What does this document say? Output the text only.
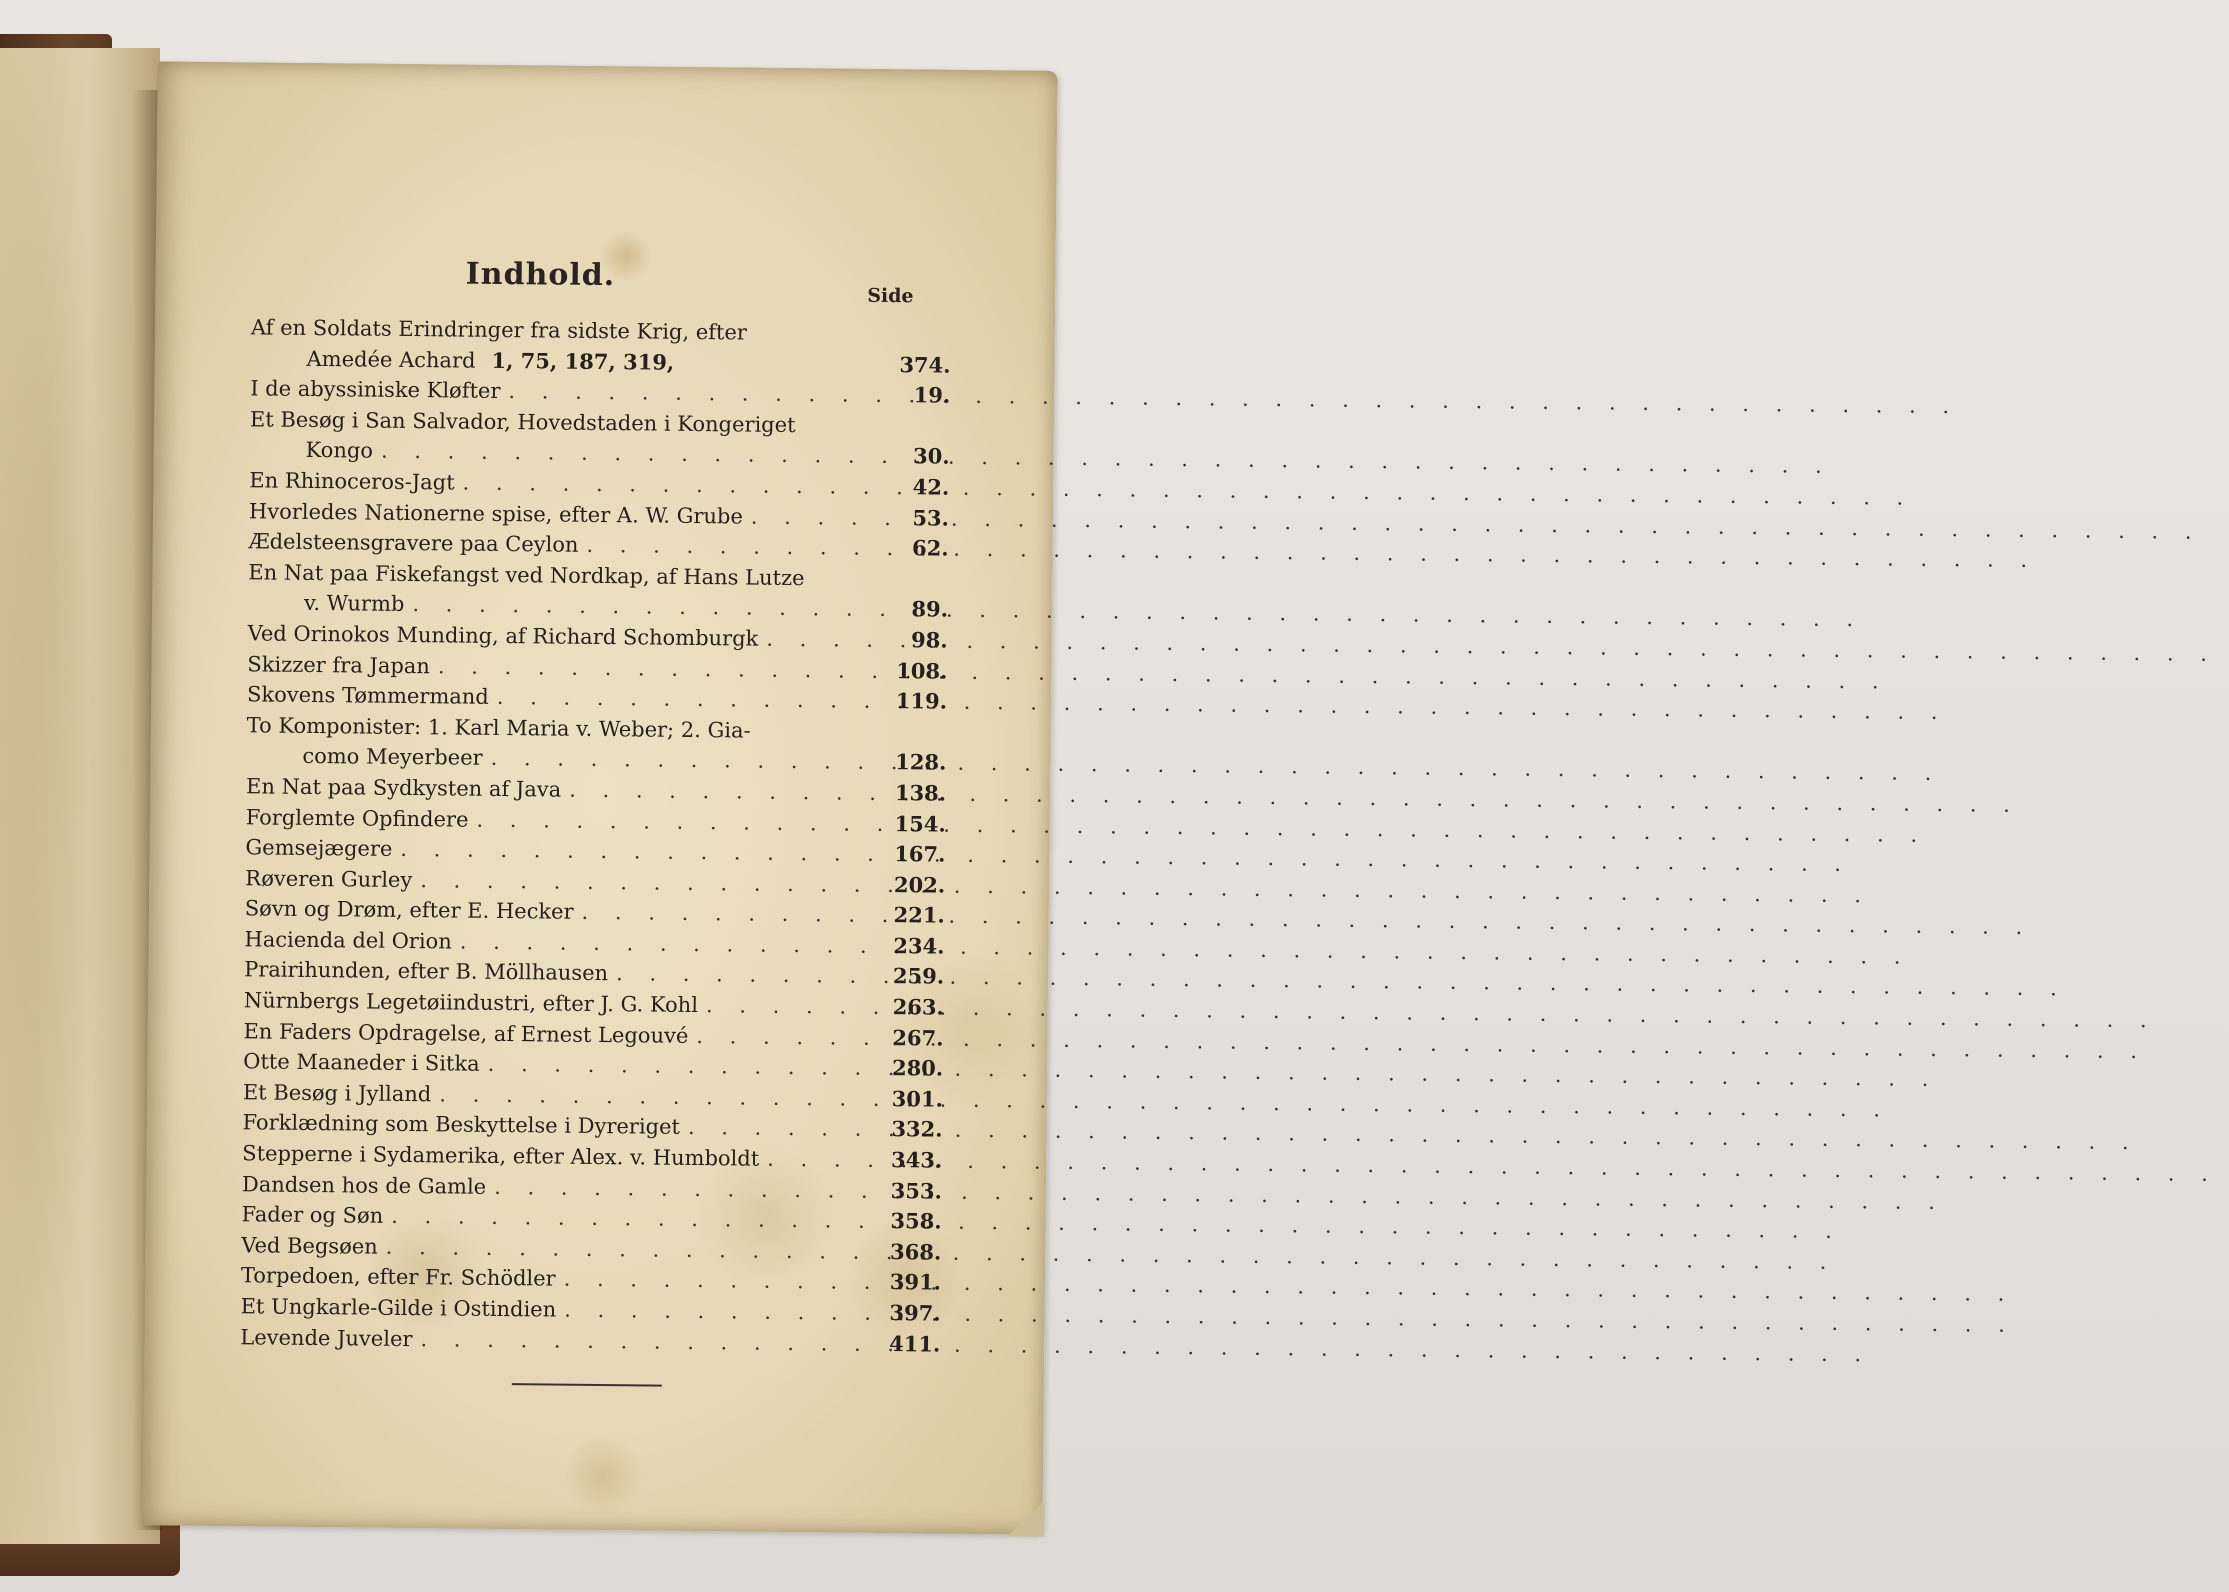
Indhold.
Side
Af en Soldats Erindringer fra sidste Krig, efter
Amedée Achard 1, 75, 187, 319,	374.
I de abyssiniske Kløfter . . .	19.
Et Besøg i San Salvador, Hovedstaden i Kongeriget
Kongo . . .	30.
En Rhinoceros-Jagt . . .	42.
Hvorledes Nationerne spise, efter A. W. Grube . . .	53.
Ædelsteensgravere paa Ceylon . . .	62.
En Nat paa Fiskefangst ved Nordkap, af Hans Lutze
v. Wurmb . . .	89.
Ved Orinokos Munding, af Richard Schomburgk . . .	98.
Skizzer fra Japan . . .	108.
Skovens Tømmermand . . .	119.
To Komponister: 1. Karl Maria v. Weber; 2. Gia-
como Meyerbeer . . .	128.
En Nat paa Sydkysten af Java . . .	138.
Forglemte Opfindere . . .	154.
Gemsejægere . . .	167.
Røveren Gurley . . .	202.
Søvn og Drøm, efter E. Hecker . . .	221.
Hacienda del Orion . . .	234.
Prairihunden, efter B. Möllhausen . . .	259.
Nürnbergs Legetøiindustri, efter J. G. Kohl . . .	263.
En Faders Opdragelse, af Ernest Legouvé . . .	267.
Otte Maaneder i Sitka . . .	280.
Et Besøg i Jylland . . .	301.
Forklædning som Beskyttelse i Dyreriget . . .	332.
Stepperne i Sydamerika, efter Alex. v. Humboldt . . .	343.
Dandsen hos de Gamle . . .	353.
Fader og Søn . . .	358.
Ved Begsøen . . .	368.
Torpedoen, efter Fr. Schödler . . .	391.
Et Ungkarle-Gilde i Ostindien . . .	397.
Levende Juveler . . .	411.
